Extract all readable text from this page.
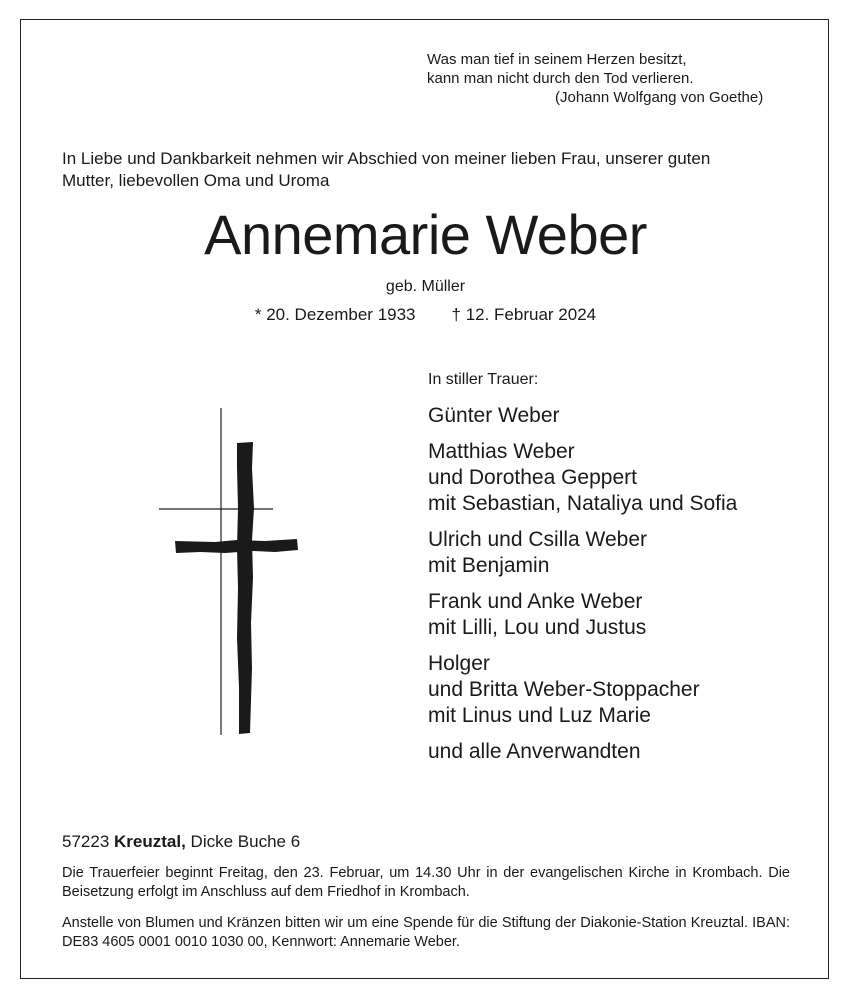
Was man tief in seinem Herzen besitzt,
kann man nicht durch den Tod verlieren.
(Johann Wolfgang von Goethe)
In Liebe und Dankbarkeit nehmen wir Abschied von meiner lieben Frau, unserer guten
Mutter, liebevollen Oma und Uroma
Annemarie Weber
geb. Müller
* 20. Dezember 1933 † 12. Februar 2024
In stiller Trauer:
Günter Weber
Matthias Weber
und Dorothea Geppert
mit Sebastian, Nataliya und Sofia
Ulrich und Csilla Weber
mit Benjamin
Frank und Anke Weber
mit Lilli, Lou und Justus
Holger
und Britta Weber-Stoppacher
mit Linus und Luz Marie
und alle Anverwandten
57223 Kreuztal, Dicke Buche 6
Die Trauerfeier beginnt Freitag, den 23. Februar, um 14.30 Uhr in der evangelischen Kirche in Krombach. Die Beisetzung erfolgt im Anschluss auf dem Friedhof in Krombach.
Anstelle von Blumen und Kränzen bitten wir um eine Spende für die Stiftung der Diakonie-Station Kreuztal. IBAN: DE83 4605 0001 0010 1030 00, Kennwort: Annemarie Weber.
